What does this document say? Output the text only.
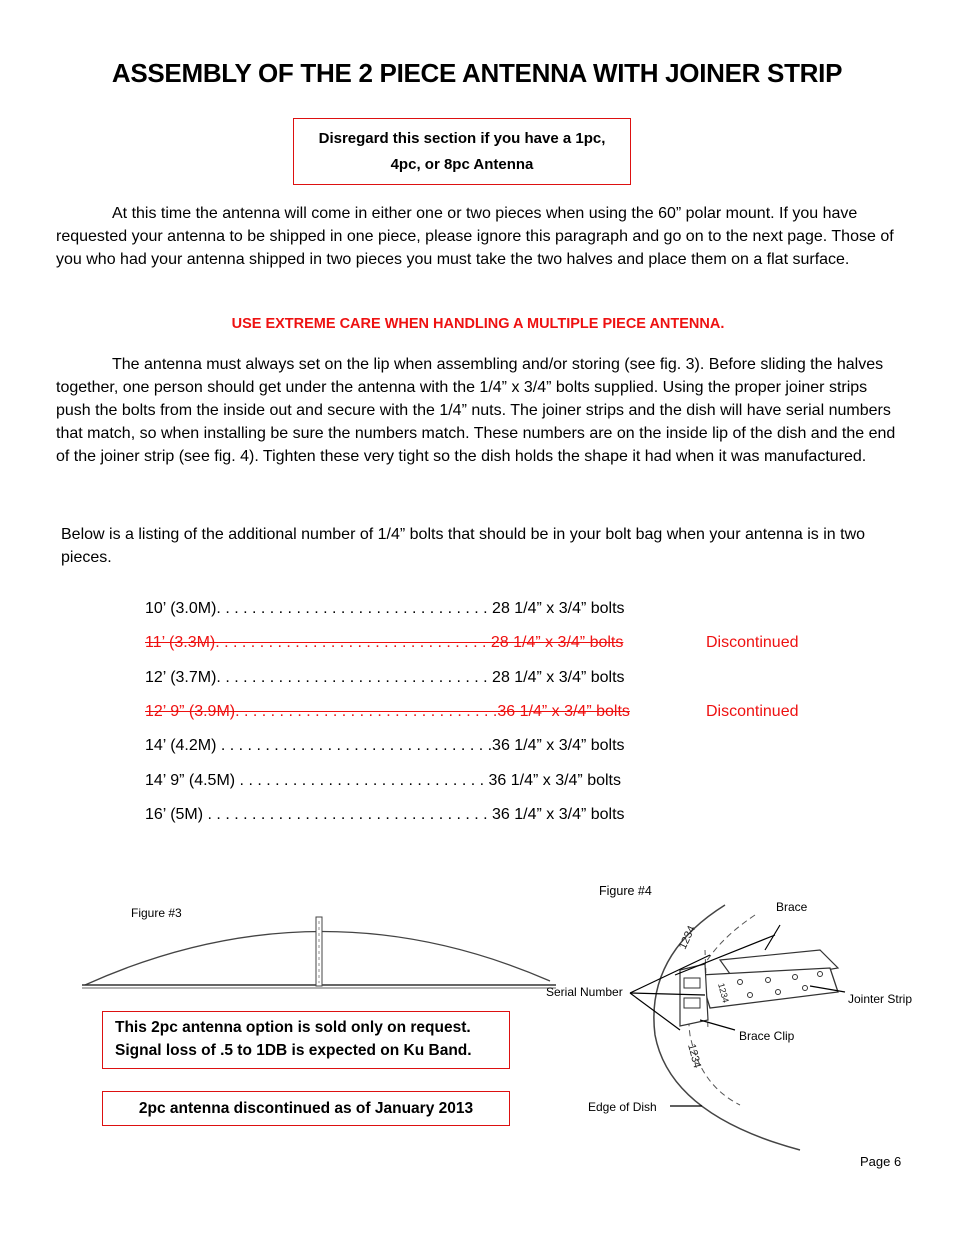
ASSEMBLY OF THE 2 PIECE ANTENNA WITH JOINER STRIP
Disregard this section if you have a 1pc,
4pc, or 8pc Antenna
At this time the antenna will come in either one or two pieces when using the 60” polar mount. If you have requested your antenna to be shipped in one piece, please ignore this paragraph and go on to the next page. Those of you who had your antenna shipped in two pieces you must take the two halves and place them on a flat surface.
USE EXTREME CARE WHEN HANDLING A MULTIPLE PIECE ANTENNA.
The antenna must always set on the lip when assembling and/or storing (see fig. 3). Before sliding the halves together, one person should get under the antenna with the 1/4” x 3/4” bolts supplied. Using the proper joiner strips push the bolts from the inside out and secure with the 1/4” nuts. The joiner strips and the dish will have serial numbers that match, so when installing be sure the numbers match. These numbers are on the inside lip of the dish and the end of the joiner strip (see fig. 4). Tighten these very tight so the dish holds the shape it had when it was manufactured.
Below is a listing of the additional number of 1/4” bolts that should be in your bolt bag when your antenna is in two pieces.
10’ (3.0M). . . . . . . . . . . . . . . . . . . . . . . . . . . . . . . 28 1/4” x 3/4” bolts
11’ (3.3M). . . . . . . . . . . . . . . . . . . . . . . . . . . . . . . 28 1/4” x 3/4” bolts	Discontinued
12’ (3.7M). . . . . . . . . . . . . . . . . . . . . . . . . . . . . . . 28 1/4” x 3/4” bolts
12’ 9” (3.9M). . . . . . . . . . . . . . . . . . . . . . . . . . . . . .36 1/4” x 3/4” bolts	Discontinued
14’ (4.2M) . . . . . . . . . . . . . . . . . . . . . . . . . . . . . . .36 1/4” x 3/4” bolts
14’ 9” (4.5M) . . . . . . . . . . . . . . . . . . . . . . . . . . . . 36 1/4” x 3/4” bolts
16’ (5M) . . . . . . . . . . . . . . . . . . . . . . . . . . . . . . . . 36 1/4” x 3/4” bolts
Figure #3
Figure #4
1234
1234
1234
Brace
Serial Number	Jointer Strip
Brace Clip
Edge of Dish
This 2pc antenna option is sold only on request.
Signal loss of .5 to 1DB is expected on Ku Band.
2pc antenna discontinued as of January 2013
Page 6
